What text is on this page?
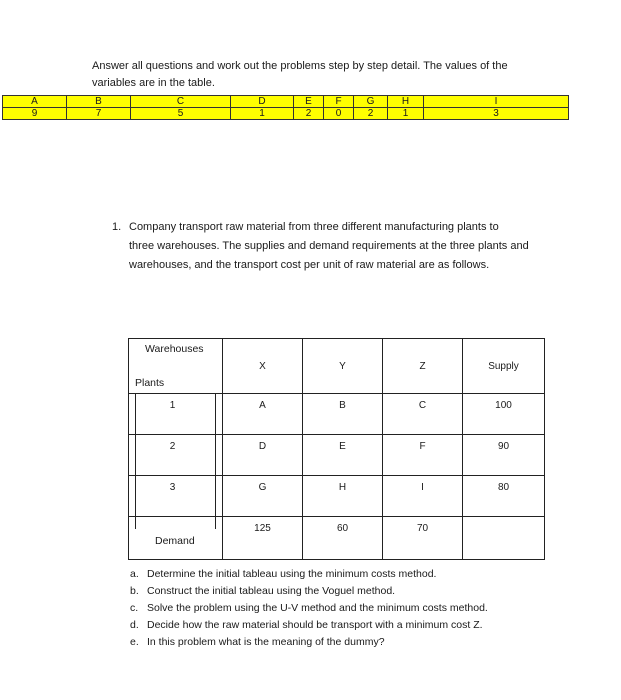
Answer all questions and work out the problems step by step detail. The values of the

variables are in the table.

A	B	C	D	E	F	G	H	I
9	7	5	1	2	0	2	1	3
1. Company transport raw material from three different manufacturing plants to
three warehouses. The supplies and demand requirements at the three plants and
warehouses, and the transport cost per unit of raw material are as follows.
Warehouses
Plants	X	Y	Z	Supply

1	A	B	C	100

2	D	E	F	90

3	G	H	I	80

Demand	125	60	70	
a. Determine the initial tableau using the minimum costs method.
b. Construct the initial tableau using the Voguel method.
c. Solve the problem using the U-V method and the minimum costs method.
d. Decide how the raw material should be transport with a minimum cost Z.
e. In this problem what is the meaning of the dummy?
